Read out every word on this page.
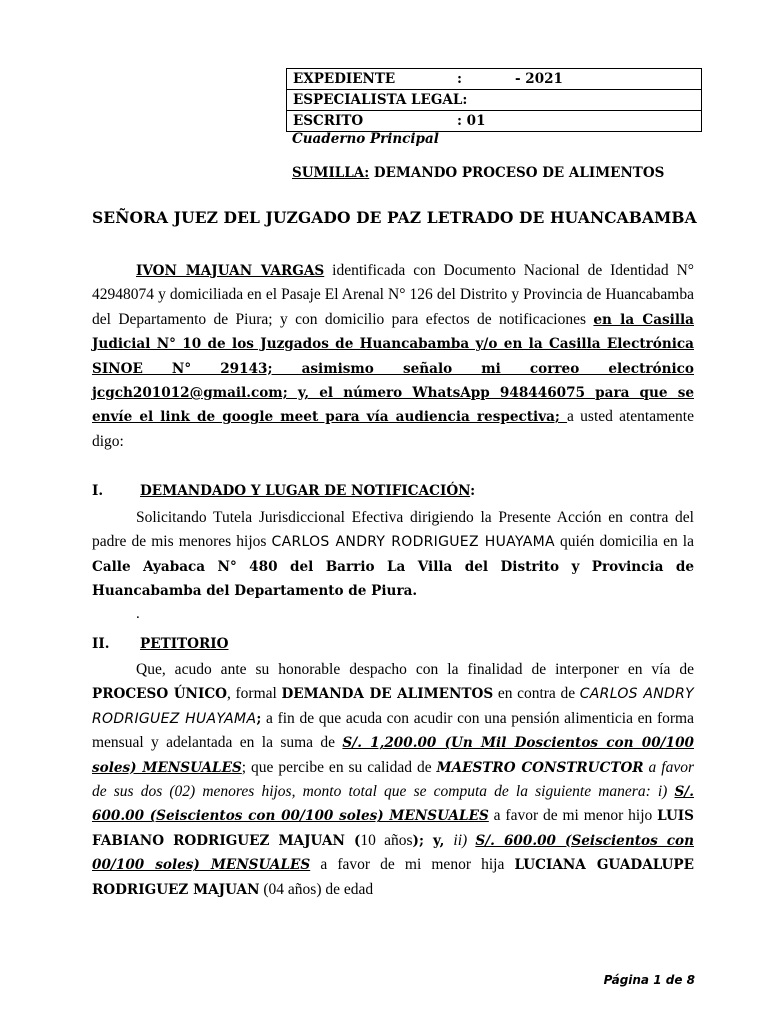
EXPEDIENTE	:	- 2021
ESPECIALISTA LEGAL:
ESCRITO	: 01
Cuaderno Principal
SUMILLA: DEMANDO PROCESO DE ALIMENTOS
SEÑORA JUEZ DEL JUZGADO DE PAZ LETRADO DE HUANCABAMBA
IVON MAJUAN VARGAS identificada con Documento Nacional de Identidad N° 42948074 y domiciliada en el Pasaje El Arenal N° 126 del Distrito y Provincia de Huancabamba del Departamento de Piura; y con domicilio para efectos de notificaciones en la Casilla Judicial N° 10 de los Juzgados de Huancabamba y/o en la Casilla Electrónica SINOE N° 29143; asimismo señalo mi correo electrónico jcgch201012@gmail.com; y, el número WhatsApp 948446075 para que se envíe el link de google meet para vía audiencia respectiva; a usted atentamente digo:
I.	DEMANDADO Y LUGAR DE NOTIFICACIÓN:
Solicitando Tutela Jurisdiccional Efectiva dirigiendo la Presente Acción en contra del padre de mis menores hijos CARLOS ANDRY RODRIGUEZ HUAYAMA quién domicilia en la Calle Ayabaca N° 480 del Barrio La Villa del Distrito y Provincia de Huancabamba del Departamento de Piura.
.
II. PETITORIO
Que, acudo ante su honorable despacho con la finalidad de interponer en vía de PROCESO ÚNICO, formal DEMANDA DE ALIMENTOS en contra de CARLOS ANDRY RODRIGUEZ HUAYAMA; a fin de que acuda con acudir con una pensión alimenticia en forma mensual y adelantada en la suma de S/. 1,200.00 (Un Mil Doscientos con 00/100 soles) MENSUALES; que percibe en su calidad de MAESTRO CONSTRUCTOR a favor de sus dos (02) menores hijos, monto total que se computa de la siguiente manera: i) S/. 600.00 (Seiscientos con 00/100 soles) MENSUALES a favor de mi menor hijo LUIS FABIANO RODRIGUEZ MAJUAN (10 años); y, ii) S/. 600.00 (Seiscientos con 00/100 soles) MENSUALES a favor de mi menor hija LUCIANA GUADALUPE RODRIGUEZ MAJUAN (04 años) de edad
Página 1 de 8
